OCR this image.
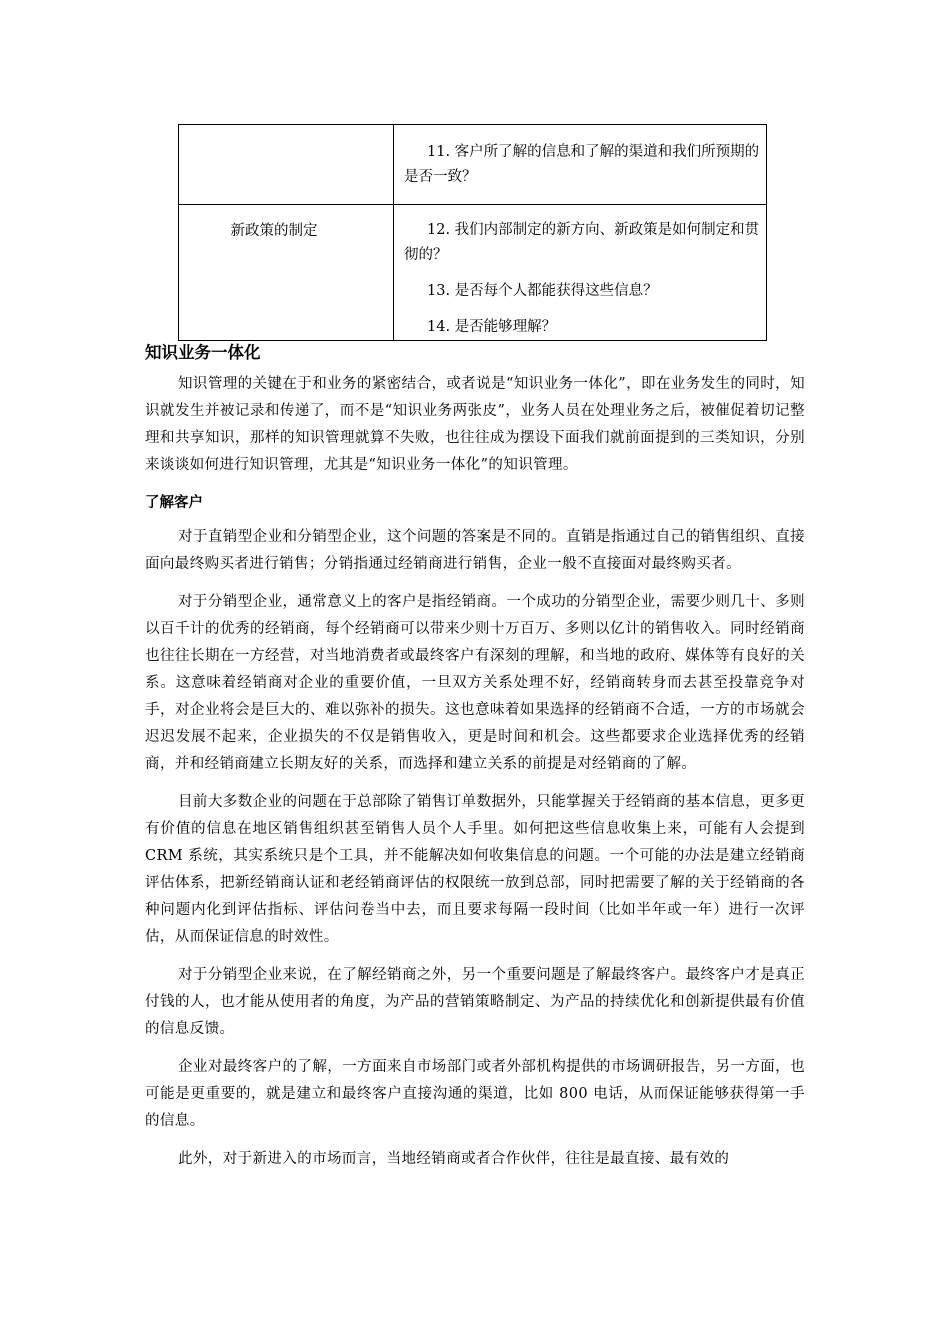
	11. 客户所了解的信息和了解的渠道和我们所预期的是否一致？

新政策的制定	12. 我们内部制定的新方向、新政策是如何制定和贯彻的？

13. 是否每个人都能获得这些信息？

14. 是否能够理解？

知识业务一体化

知识管理的关键在于和业务的紧密结合，或者说是“知识业务一体化”，即在业务发生的同时，知识就发生并被记录和传递了，而不是“知识业务两张皮”，业务人员在处理业务之后，被催促着切记整理和共享知识，那样的知识管理就算不失败，也往往成为摆设下面我们就前面提到的三类知识，分别来谈谈如何进行知识管理，尤其是“知识业务一体化”的知识管理。

了解客户

对于直销型企业和分销型企业，这个问题的答案是不同的。直销是指通过自己的销售组织、直接面向最终购买者进行销售；分销指通过经销商进行销售，企业一般不直接面对最终购买者。

对于分销型企业，通常意义上的客户是指经销商。一个成功的分销型企业，需要少则几十、多则以百千计的优秀的经销商，每个经销商可以带来少则十万百万、多则以亿计的销售收入。同时经销商也往往长期在一方经营，对当地消费者或最终客户有深刻的理解，和当地的政府、媒体等有良好的关系。这意味着经销商对企业的重要价值，一旦双方关系处理不好，经销商转身而去甚至投靠竞争对手，对企业将会是巨大的、难以弥补的损失。这也意味着如果选择的经销商不合适，一方的市场就会迟迟发展不起来，企业损失的不仅是销售收入，更是时间和机会。这些都要求企业选择优秀的经销商，并和经销商建立长期友好的关系，而选择和建立关系的前提是对经销商的了解。

目前大多数企业的问题在于总部除了销售订单数据外，只能掌握关于经销商的基本信息，更多更有价值的信息在地区销售组织甚至销售人员个人手里。如何把这些信息收集上来，可能有人会提到 CRM 系统，其实系统只是个工具，并不能解决如何收集信息的问题。一个可能的办法是建立经销商评估体系，把新经销商认证和老经销商评估的权限统一放到总部，同时把需要了解的关于经销商的各种问题内化到评估指标、评估问卷当中去，而且要求每隔一段时间（比如半年或一年）进行一次评估，从而保证信息的时效性。

对于分销型企业来说，在了解经销商之外，另一个重要问题是了解最终客户。最终客户才是真正付钱的人，也才能从使用者的角度，为产品的营销策略制定、为产品的持续优化和创新提供最有价值的信息反馈。

企业对最终客户的了解，一方面来自市场部门或者外部机构提供的市场调研报告，另一方面，也可能是更重要的，就是建立和最终客户直接沟通的渠道，比如 800 电话，从而保证能够获得第一手的信息。

此外，对于新进入的市场而言，当地经销商或者合作伙伴，往往是最直接、最有效的
